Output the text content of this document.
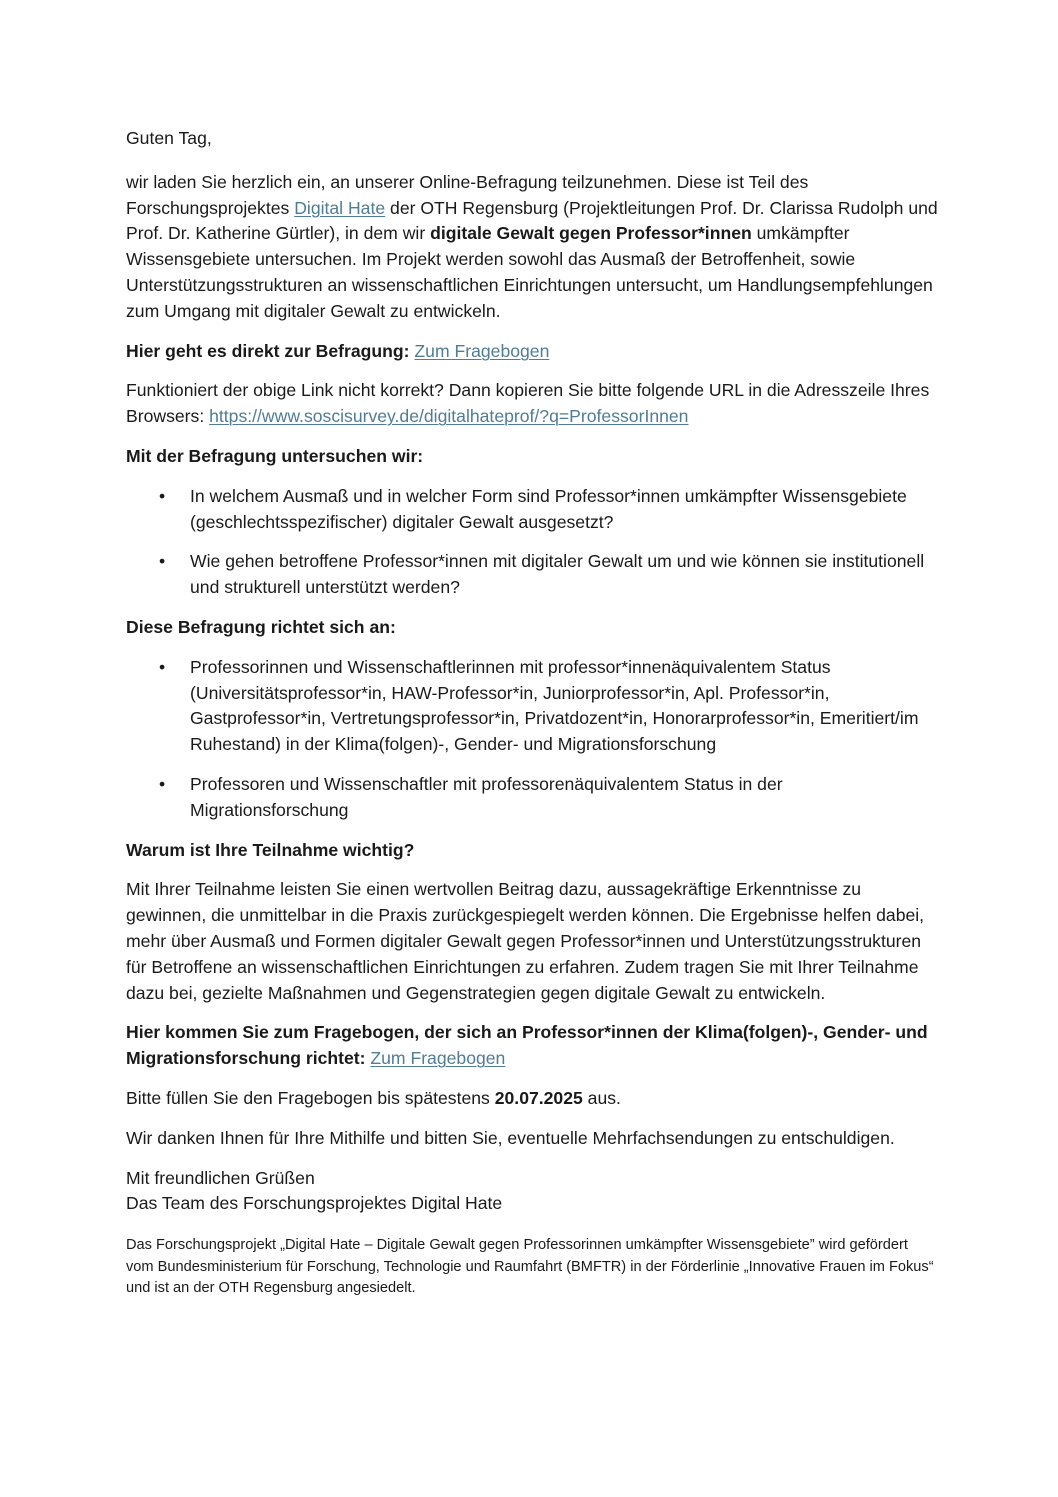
Guten Tag,

wir laden Sie herzlich ein, an unserer Online-Befragung teilzunehmen. Diese ist Teil des Forschungsprojektes Digital Hate der OTH Regensburg (Projektleitungen Prof. Dr. Clarissa Rudolph und Prof. Dr. Katherine Gürtler), in dem wir digitale Gewalt gegen Professor*innen umkämpfter Wissensgebiete untersuchen. Im Projekt werden sowohl das Ausmaß der Betroffenheit, sowie Unterstützungsstrukturen an wissenschaftlichen Einrichtungen untersucht, um Handlungsempfehlungen zum Umgang mit digitaler Gewalt zu entwickeln.

Hier geht es direkt zur Befragung: Zum Fragebogen

Funktioniert der obige Link nicht korrekt? Dann kopieren Sie bitte folgende URL in die Adresszeile Ihres Browsers: https://www.soscisurvey.de/digitalhateprof/?q=ProfessorInnen

Mit der Befragung untersuchen wir:

• In welchem Ausmaß und in welcher Form sind Professor*innen umkämpfter Wissensgebiete (geschlechtsspezifischer) digitaler Gewalt ausgesetzt?
• Wie gehen betroffene Professor*innen mit digitaler Gewalt um und wie können sie institutionell und strukturell unterstützt werden?

Diese Befragung richtet sich an:

• Professorinnen und Wissenschaftlerinnen mit professor*innenäquivalentem Status (Universitätsprofessor*in, HAW-Professor*in, Juniorprofessor*in, Apl. Professor*in, Gastprofessor*in, Vertretungsprofessor*in, Privatdozent*in, Honorarprofessor*in, Emeritiert/im Ruhestand) in der Klima(folgen)-, Gender- und Migrationsforschung
• Professoren und Wissenschaftler mit professorenäquivalentem Status in der Migrationsforschung

Warum ist Ihre Teilnahme wichtig?

Mit Ihrer Teilnahme leisten Sie einen wertvollen Beitrag dazu, aussagekräftige Erkenntnisse zu gewinnen, die unmittelbar in die Praxis zurückgespiegelt werden können. Die Ergebnisse helfen dabei, mehr über Ausmaß und Formen digitaler Gewalt gegen Professor*innen und Unterstützungsstrukturen für Betroffene an wissenschaftlichen Einrichtungen zu erfahren. Zudem tragen Sie mit Ihrer Teilnahme dazu bei, gezielte Maßnahmen und Gegenstrategien gegen digitale Gewalt zu entwickeln.

Hier kommen Sie zum Fragebogen, der sich an Professor*innen der Klima(folgen)-, Gender- und Migrationsforschung richtet: Zum Fragebogen

Bitte füllen Sie den Fragebogen bis spätestens 20.07.2025 aus.

Wir danken Ihnen für Ihre Mithilfe und bitten Sie, eventuelle Mehrfachsendungen zu entschuldigen.

Mit freundlichen Grüßen
Das Team des Forschungsprojektes Digital Hate

Das Forschungsprojekt „Digital Hate – Digitale Gewalt gegen Professorinnen umkämpfter Wissensgebiete” wird gefördert vom Bundesministerium für Forschung, Technologie und Raumfahrt (BMFTR) in der Förderlinie „Innovative Frauen im Fokus“ und ist an der OTH Regensburg angesiedelt.
